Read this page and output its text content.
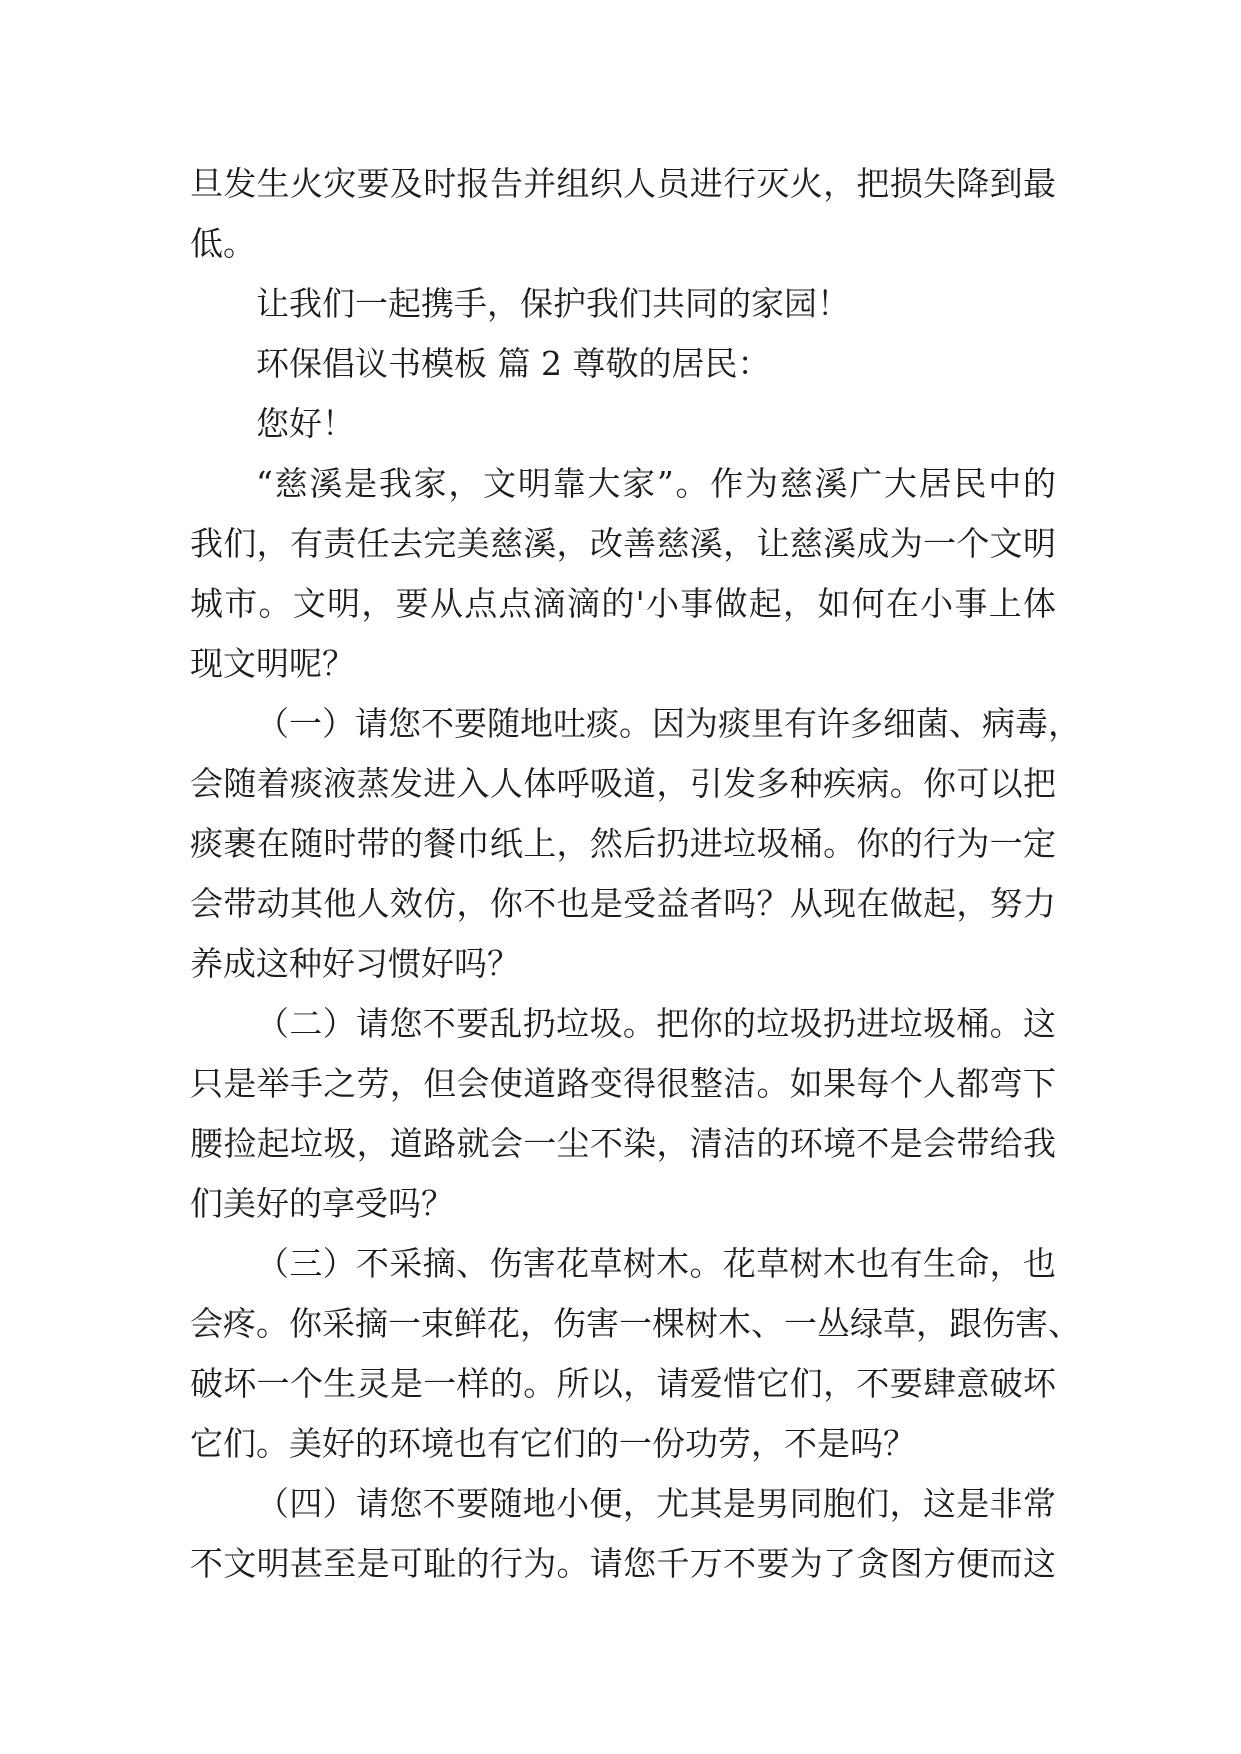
旦发生火灾要及时报告并组织人员进行灭火，把损失降到最
低。
让我们一起携手，保护我们共同的家园！
环保倡议书模板 篇 2 尊敬的居民：
您好！
“慈溪是我家，文明靠大家”。作为慈溪广大居民中的
我们，有责任去完美慈溪，改善慈溪，让慈溪成为一个文明
城市。文明，要从点点滴滴的'小事做起，如何在小事上体
现文明呢？
（一）请您不要随地吐痰。因为痰里有许多细菌、病毒，
会随着痰液蒸发进入人体呼吸道，引发多种疾病。你可以把
痰裹在随时带的餐巾纸上，然后扔进垃圾桶。你的行为一定
会带动其他人效仿，你不也是受益者吗？从现在做起，努力
养成这种好习惯好吗？
（二）请您不要乱扔垃圾。把你的垃圾扔进垃圾桶。这
只是举手之劳，但会使道路变得很整洁。如果每个人都弯下
腰捡起垃圾，道路就会一尘不染，清洁的环境不是会带给我
们美好的享受吗？
（三）不采摘、伤害花草树木。花草树木也有生命，也
会疼。你采摘一束鲜花，伤害一棵树木、一丛绿草，跟伤害、
破坏一个生灵是一样的。所以，请爱惜它们，不要肆意破坏
它们。美好的环境也有它们的一份功劳，不是吗？
（四）请您不要随地小便，尤其是男同胞们，这是非常
不文明甚至是可耻的行为。请您千万不要为了贪图方便而这
